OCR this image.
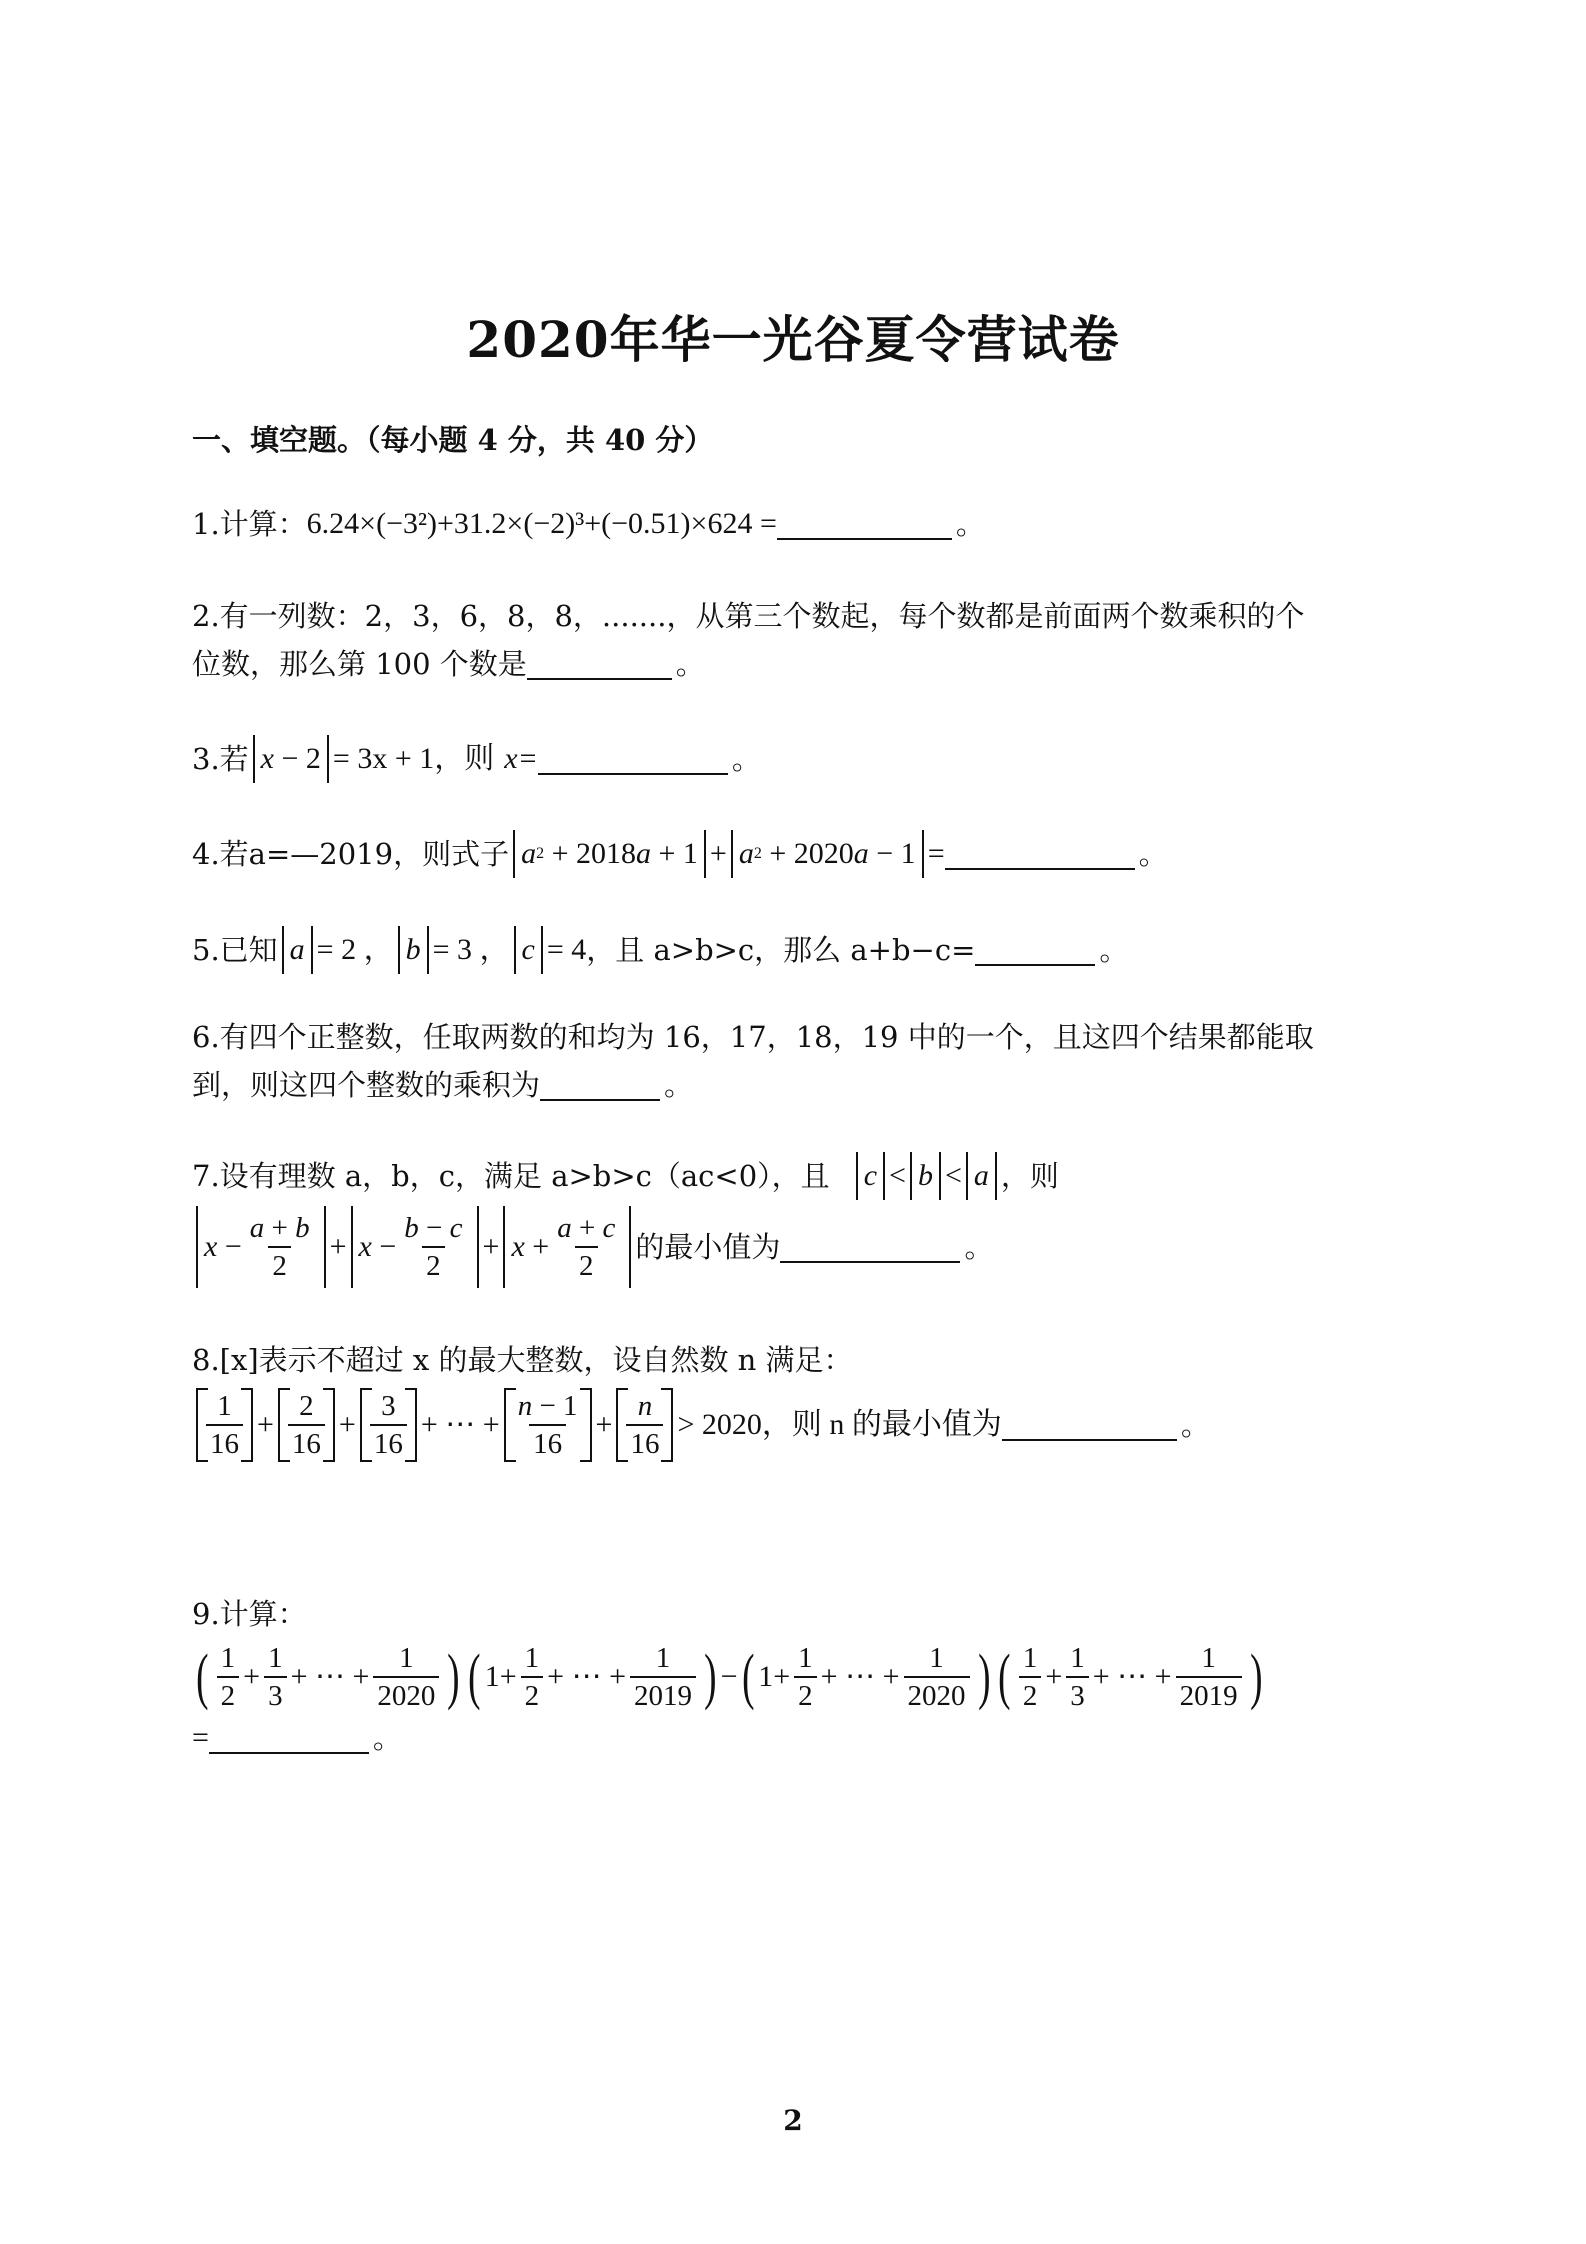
2020年华一光谷夏令营试卷
一、填空题。（每小题 4 分，共 40 分）
1.计算： 6.24×(−3²)+31.2×(−2)³+(−0.51)×624 =	。
2.有一列数：2，3，6，8，8，.......，从第三个数起，每个数都是前面两个数乘积的个
位数，那么第 100 个数是	。
3.若 x − 2 = 3x + 1，则 x=	。
4.若 a=—2019，则式子 a 2 + 2018 a + 1 + a 2 + 2020 a − 1 =	。
5.已知 a = 2 ， b = 3 ， c = 4 ，且 a>b>c，那么 a+b−c=	。
6.有四个正整数，任取两数的和均为 16，17，18，19 中的一个，且这四个结果都能取
到，则这四个整数的乘积为	。
7.设有理数 a，b，c，满足 a>b>c（ac<0），且 c < b < a ，则
x −
a + b
2
+ x −
b − c
2
+ x +
a + c
2
的最小值为	。
8.[x]表示不超过 x 的最大整数，设自然数 n 满足：
1
16
+
2
16
+
3
16
+ ⋯ +
n − 1
16
+
n
16
> 2020，则 n 的最小值为	。
9.计算：
( 1
2
+
1
3
+ ⋯ +
1
2020 ) ( 1+
1
2
+ ⋯ +
1
2019 ) − ( 1+
1
2
+ ⋯ +
1
2020 ) ( 1
2
+
1
3
+ ⋯ +
1
2019 )
=	。
2
